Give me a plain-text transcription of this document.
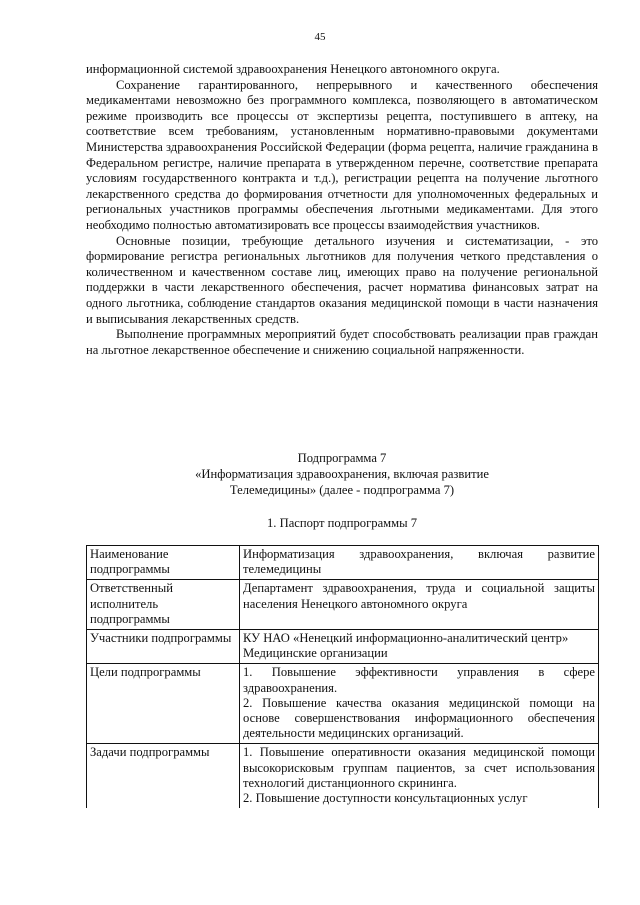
45

информационной системой здравоохранения Ненецкого автономного округа.

Сохранение гарантированного, непрерывного и качественного обеспечения медикаментами невозможно без программного комплекса, позволяющего в автоматическом режиме производить все процессы от экспертизы рецепта, поступившего в аптеку, на соответствие всем требованиям, установленным нормативно-правовыми документами Министерства здравоохранения Российской Федерации (форма рецепта, наличие гражданина в Федеральном регистре, наличие препарата в утвержденном перечне, соответствие препарата условиям государственного контракта и т.д.), регистрации рецепта на получение льготного лекарственного средства до формирования отчетности для уполномоченных федеральных и региональных участников программы обеспечения льготными медикаментами. Для этого необходимо полностью автоматизировать все процессы взаимодействия участников.

Основные позиции, требующие детального изучения и систематизации, - это формирование регистра региональных льготников для получения четкого представления о количественном и качественном составе лиц, имеющих право на получение региональной поддержки в части лекарственного обеспечения, расчет норматива финансовых затрат на одного льготника, соблюдение стандартов оказания медицинской помощи в части назначения и выписывания лекарственных средств.

Выполнение программных мероприятий будет способствовать реализации прав граждан на льготное лекарственное обеспечение и снижению социальной напряженности.

Подпрограмма 7

«Информатизация здравоохранения, включая развитие

Телемедицины» (далее - подпрограмма 7)

1. Паспорт подпрограммы 7

Наименование подпрограммы	Информатизация здравоохранения, включая развитие телемедицины

Ответственный исполнитель подпрограммы	Департамент здравоохранения, труда и социальной защиты населения Ненецкого автономного округа

Участники подпрограммы	КУ НАО «Ненецкий информационно-аналитический центр»
Медицинские организации

Цели подпрограммы	1. Повышение эффективности управления в сфере здравоохранения.
2. Повышение качества оказания медицинской помощи на основе совершенствования информационного обеспечения деятельности медицинских организаций.

Задачи подпрограммы	1. Повышение оперативности оказания медицинской помощи высокорисковым группам пациентов, за счет использования технологий дистанционного скрининга.
2. Повышение доступности консультационных услуг
